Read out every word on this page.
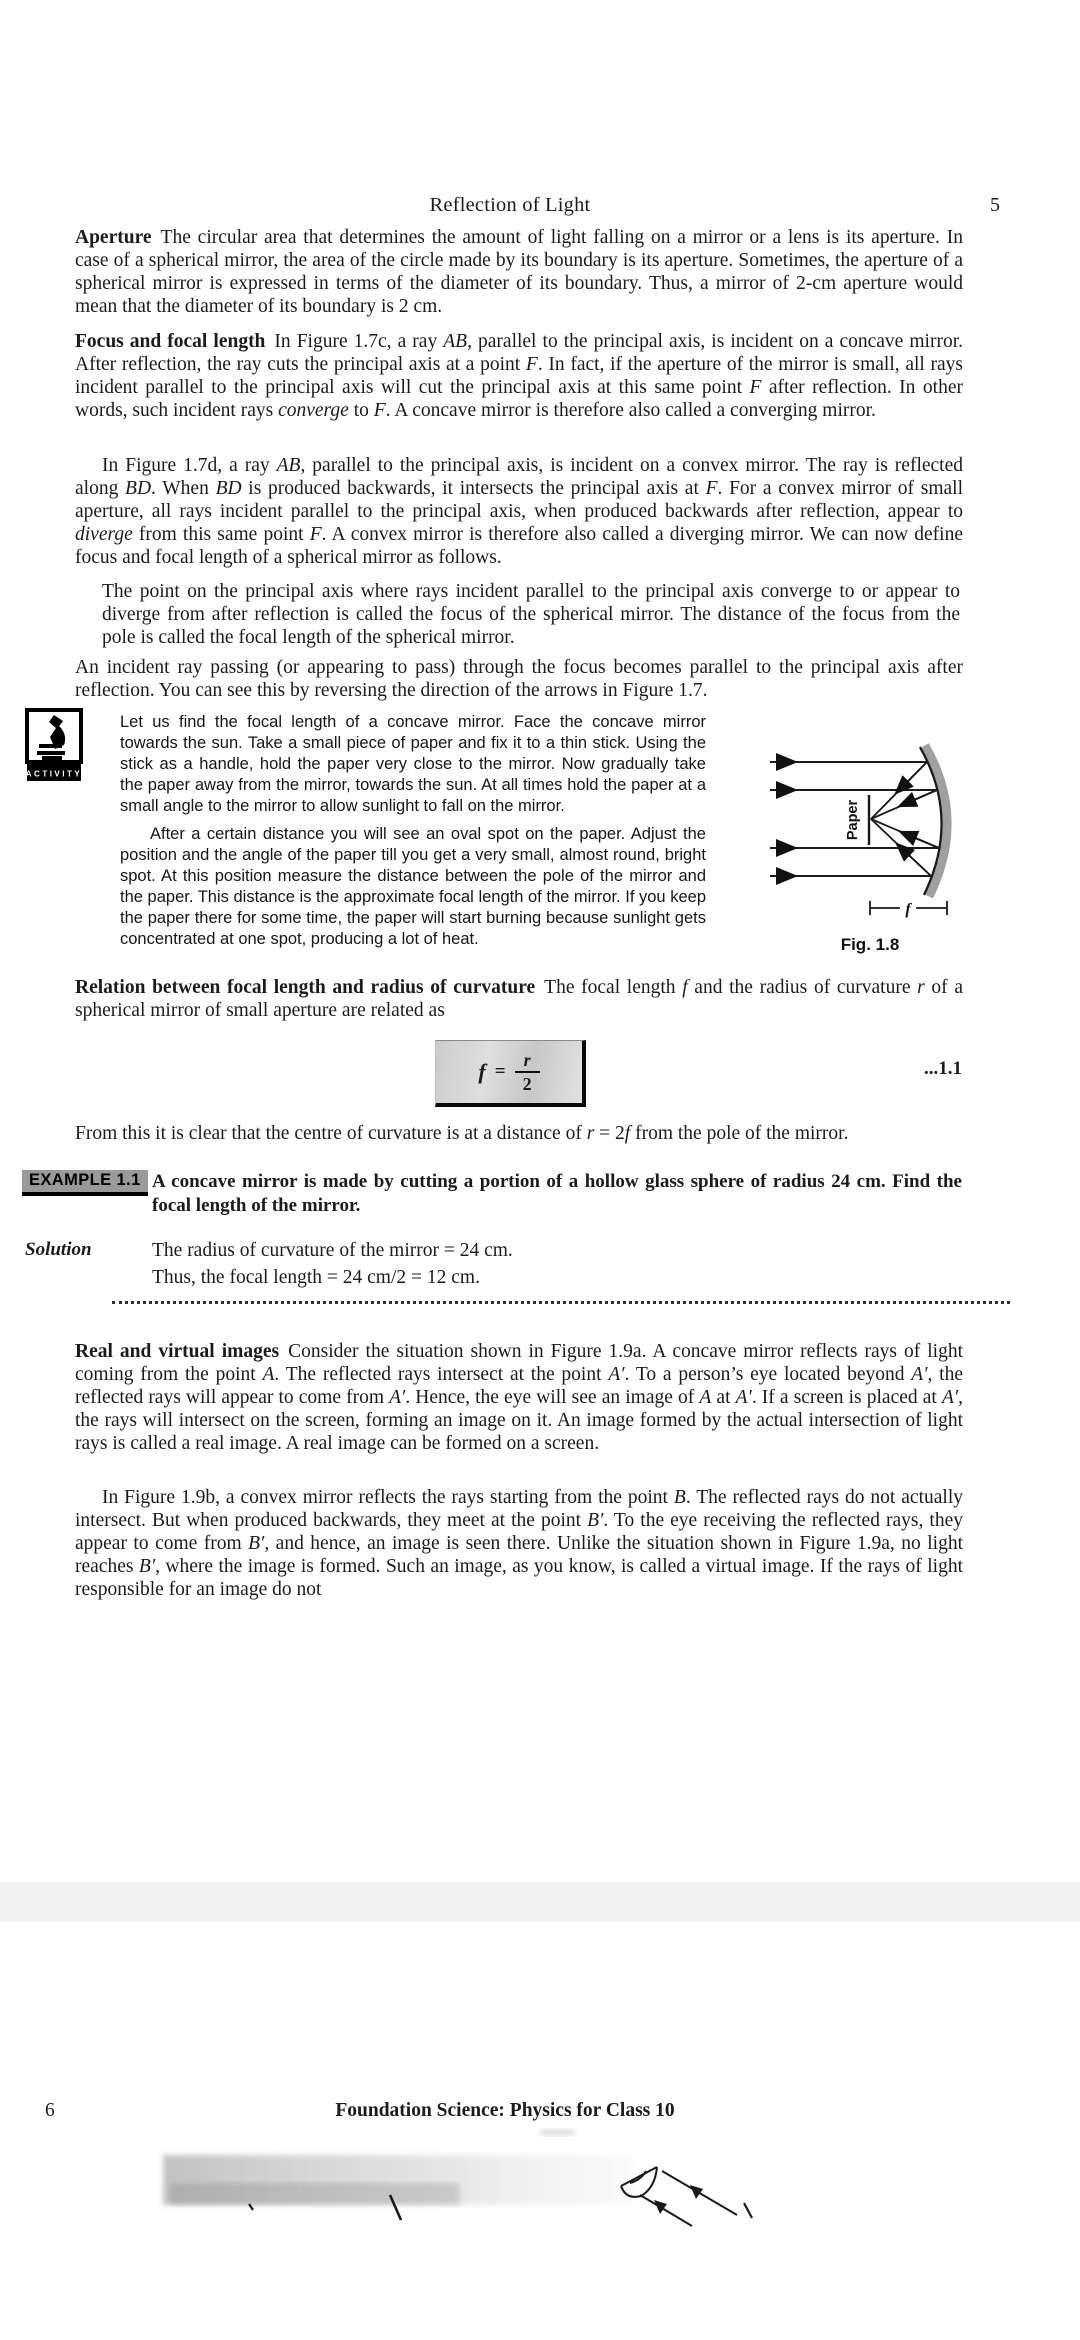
Reflection of Light	5
Aperture The circular area that determines the amount of light falling on a mirror or a lens is its aperture. In case of a spherical mirror, the area of the circle made by its boundary is its aperture. Sometimes, the aperture of a spherical mirror is expressed in terms of the diameter of its boundary. Thus, a mirror of 2-cm aperture would mean that the diameter of its boundary is 2 cm.
Focus and focal length In Figure 1.7c, a ray AB, parallel to the principal axis, is incident on a concave mirror. After reflection, the ray cuts the principal axis at a point F. In fact, if the aperture of the mirror is small, all rays incident parallel to the principal axis will cut the principal axis at this same point F after reflection. In other words, such incident rays converge to F. A concave mirror is therefore also called a converging mirror.
In Figure 1.7d, a ray AB, parallel to the principal axis, is incident on a convex mirror. The ray is reflected along BD. When BD is produced backwards, it intersects the principal axis at F. For a convex mirror of small aperture, all rays incident parallel to the principal axis, when produced backwards after reflection, appear to diverge from this same point F. A convex mirror is therefore also called a diverging mirror. We can now define focus and focal length of a spherical mirror as follows.
The point on the principal axis where rays incident parallel to the principal axis converge to or appear to diverge from after reflection is called the focus of the spherical mirror. The distance of the focus from the pole is called the focal length of the spherical mirror.
An incident ray passing (or appearing to pass) through the focus becomes parallel to the principal axis after reflection. You can see this by reversing the direction of the arrows in Figure 1.7.
ACTIVITY
Let us find the focal length of a concave mirror. Face the concave mirror towards the sun. Take a small piece of paper and fix it to a thin stick. Using the stick as a handle, hold the paper very close to the mirror. Now gradually take the paper away from the mirror, towards the sun. At all times hold the paper at a small angle to the mirror to allow sunlight to fall on the mirror.
After a certain distance you will see an oval spot on the paper. Adjust the position and the angle of the paper till you get a very small, almost round, bright spot. At this position measure the distance between the pole of the mirror and the paper. This distance is the approximate focal length of the mirror. If you keep the paper there for some time, the paper will start burning because sunlight gets concentrated at one spot, producing a lot of heat.
Paper
f
Fig. 1.8
Relation between focal length and radius of curvature The focal length f and the radius of curvature r of a spherical mirror of small aperture are related as
$f = \frac{r}{2}$	...1.1
From this it is clear that the centre of curvature is at a distance of r = 2f from the pole of the mirror.
EXAMPLE 1.1 A concave mirror is made by cutting a portion of a hollow glass sphere of radius 24 cm. Find the focal length of the mirror.
Solution	The radius of curvature of the mirror = 24 cm.
Thus, the focal length = 24 cm/2 = 12 cm.
Real and virtual images Consider the situation shown in Figure 1.9a. A concave mirror reflects rays of light coming from the point A. The reflected rays intersect at the point A′. To a person’s eye located beyond A′, the reflected rays will appear to come from A′. Hence, the eye will see an image of A at A′. If a screen is placed at A′, the rays will intersect on the screen, forming an image on it. An image formed by the actual intersection of light rays is called a real image. A real image can be formed on a screen.
In Figure 1.9b, a convex mirror reflects the rays starting from the point B. The reflected rays do not actually intersect. But when produced backwards, they meet at the point B′. To the eye receiving the reflected rays, they appear to come from B′, and hence, an image is seen there. Unlike the situation shown in Figure 1.9a, no light reaches B′, where the image is formed. Such an image, as you know, is called a virtual image. If the rays of light responsible for an image do not
6	Foundation Science: Physics for Class 10
